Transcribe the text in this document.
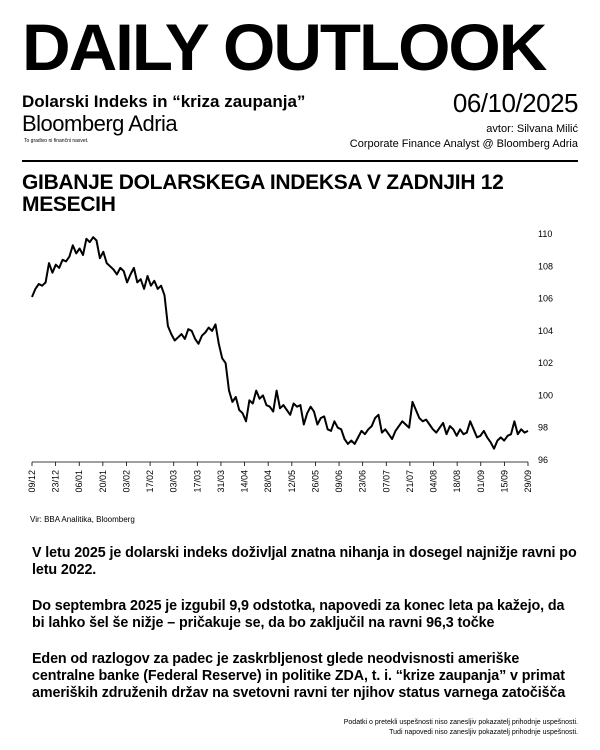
DAILY OUTLOOK
Dolarski Indeks in “kriza zaupanja”
Bloomberg Adria
To gradivo ni finančni nasvet.
06/10/2025
avtor: Silvana Milić
Corporate Finance Analyst @ Bloomberg Adria
GIBANJE DOLARSKEGA INDEKSA V ZADNJIH 12 MESECIH
110
108
106
104
102
100
98
96
09/12 23/12 06/01 20/01 03/02 17/02 03/03 17/03 31/03 14/04 28/04 12/05 26/05 09/06 23/06 07/07 21/07 04/08 18/08 01/09 15/09 29/09
Vir: BBA Analitika, Bloomberg
V letu 2025 je dolarski indeks doživljal znatna nihanja in dosegel najnižje ravni po letu 2022.
Do septembra 2025 je izgubil 9,9 odstotka, napovedi za konec leta pa kažejo, da bi lahko šel še nižje – pričakuje se, da bo zaključil na ravni 96,3 točke
Eden od razlogov za padec je zaskrbljenost glede neodvisnosti ameriške centralne banke (Federal Reserve) in politike ZDA, t. i. “krize zaupanja” v primat ameriških združenih držav na svetovni ravni ter njihov status varnega zatočišča
Podatki o pretekli uspešnosti niso zanesljiv pokazatelj prihodnje uspešnosti.
Tudi napovedi niso zanesljiv pokazatelj prihodnje uspešnosti.
